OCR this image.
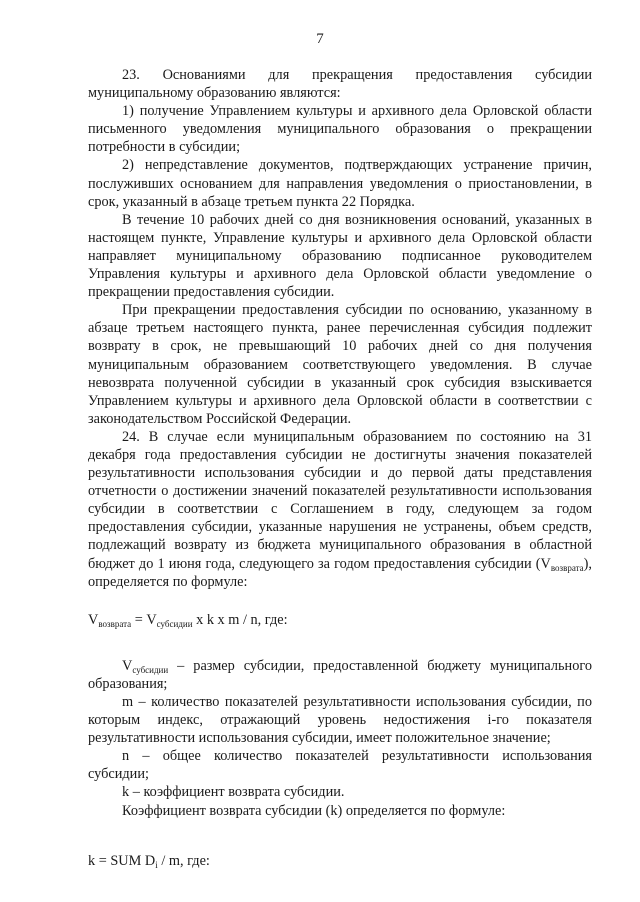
7

23. Основаниями для прекращения предоставления субсидии муниципальному образованию являются:

1) получение Управлением культуры и архивного дела Орловской области письменного уведомления муниципального образования о прекращении потребности в субсидии;

2) непредставление документов, подтверждающих устранение причин, послуживших основанием для направления уведомления о приостановлении, в срок, указанный в абзаце третьем пункта 22 Порядка.

В течение 10 рабочих дней со дня возникновения оснований, указанных в настоящем пункте, Управление культуры и архивного дела Орловской области направляет муниципальному образованию подписанное руководителем Управления культуры и архивного дела Орловской области уведомление о прекращении предоставления субсидии.

При прекращении предоставления субсидии по основанию, указанному в абзаце третьем настоящего пункта, ранее перечисленная субсидия подлежит возврату в срок, не превышающий 10 рабочих дней со дня получения муниципальным образованием соответствующего уведомления. В случае невозврата полученной субсидии в указанный срок субсидия взыскивается Управлением культуры и архивного дела Орловской области в соответствии с законодательством Российской Федерации.

24. В случае если муниципальным образованием по состоянию на 31 декабря года предоставления субсидии не достигнуты значения показателей результативности использования субсидии и до первой даты представления отчетности о достижении значений показателей результативности использования субсидии в соответствии с Соглашением в году, следующем за годом предоставления субсидии, указанные нарушения не устранены, объем средств, подлежащий возврату из бюджета муниципального образования в областной бюджет до 1 июня года, следующего за годом предоставления субсидии $(V_{возврата})$, определяется по формуле:

$V_{возврата} = V_{субсидии}$ x k x m / n, где:

$V_{субсидии}$ – размер субсидии, предоставленной бюджету муниципального образования;

m – количество показателей результативности использования субсидии, по которым индекс, отражающий уровень недостижения i-го показателя результативности использования субсидии, имеет положительное значение;

n – общее количество показателей результативности использования субсидии;

k – коэффициент возврата субсидии.

Коэффициент возврата субсидии (k) определяется по формуле:

k = SUM $D_i$ / m, где:
